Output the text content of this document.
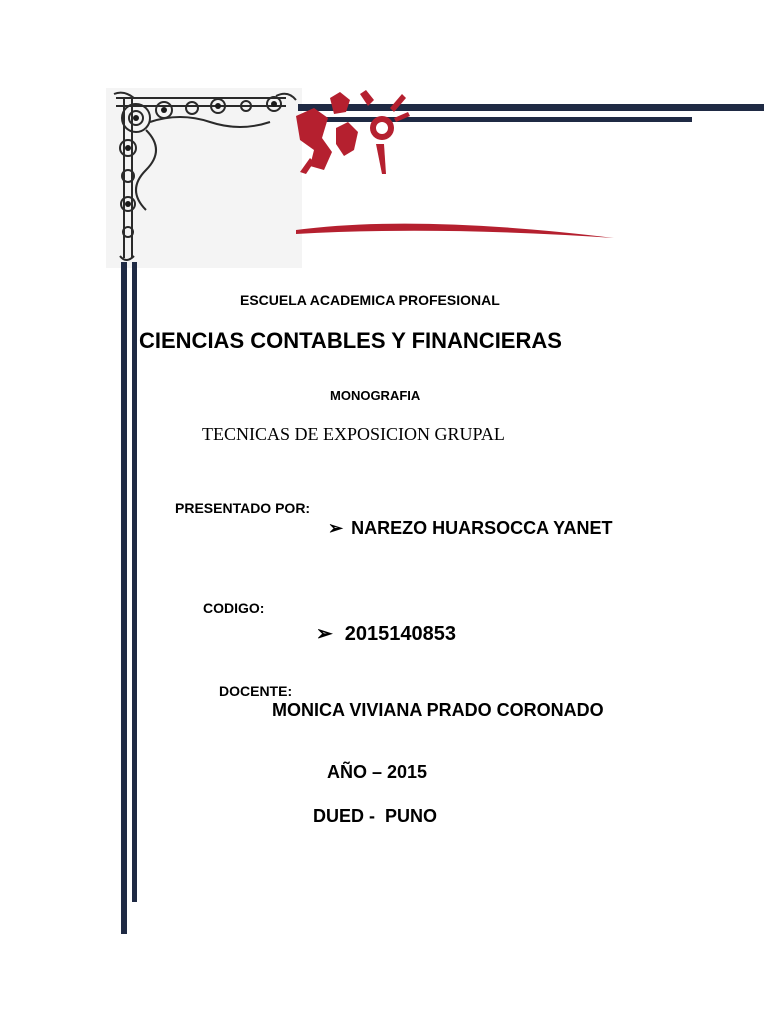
ESCUELA ACADEMICA PROFESIONAL
CIENCIAS CONTABLES Y FINANCIERAS
MONOGRAFIA
TECNICAS DE EXPOSICION GRUPAL
PRESENTADO POR:
➢ NAREZO HUARSOCCA YANET
CODIGO:
➢ 2015140853
DOCENTE:
MONICA VIVIANA PRADO CORONADO
AÑO – 2015
DUED -  PUNO
